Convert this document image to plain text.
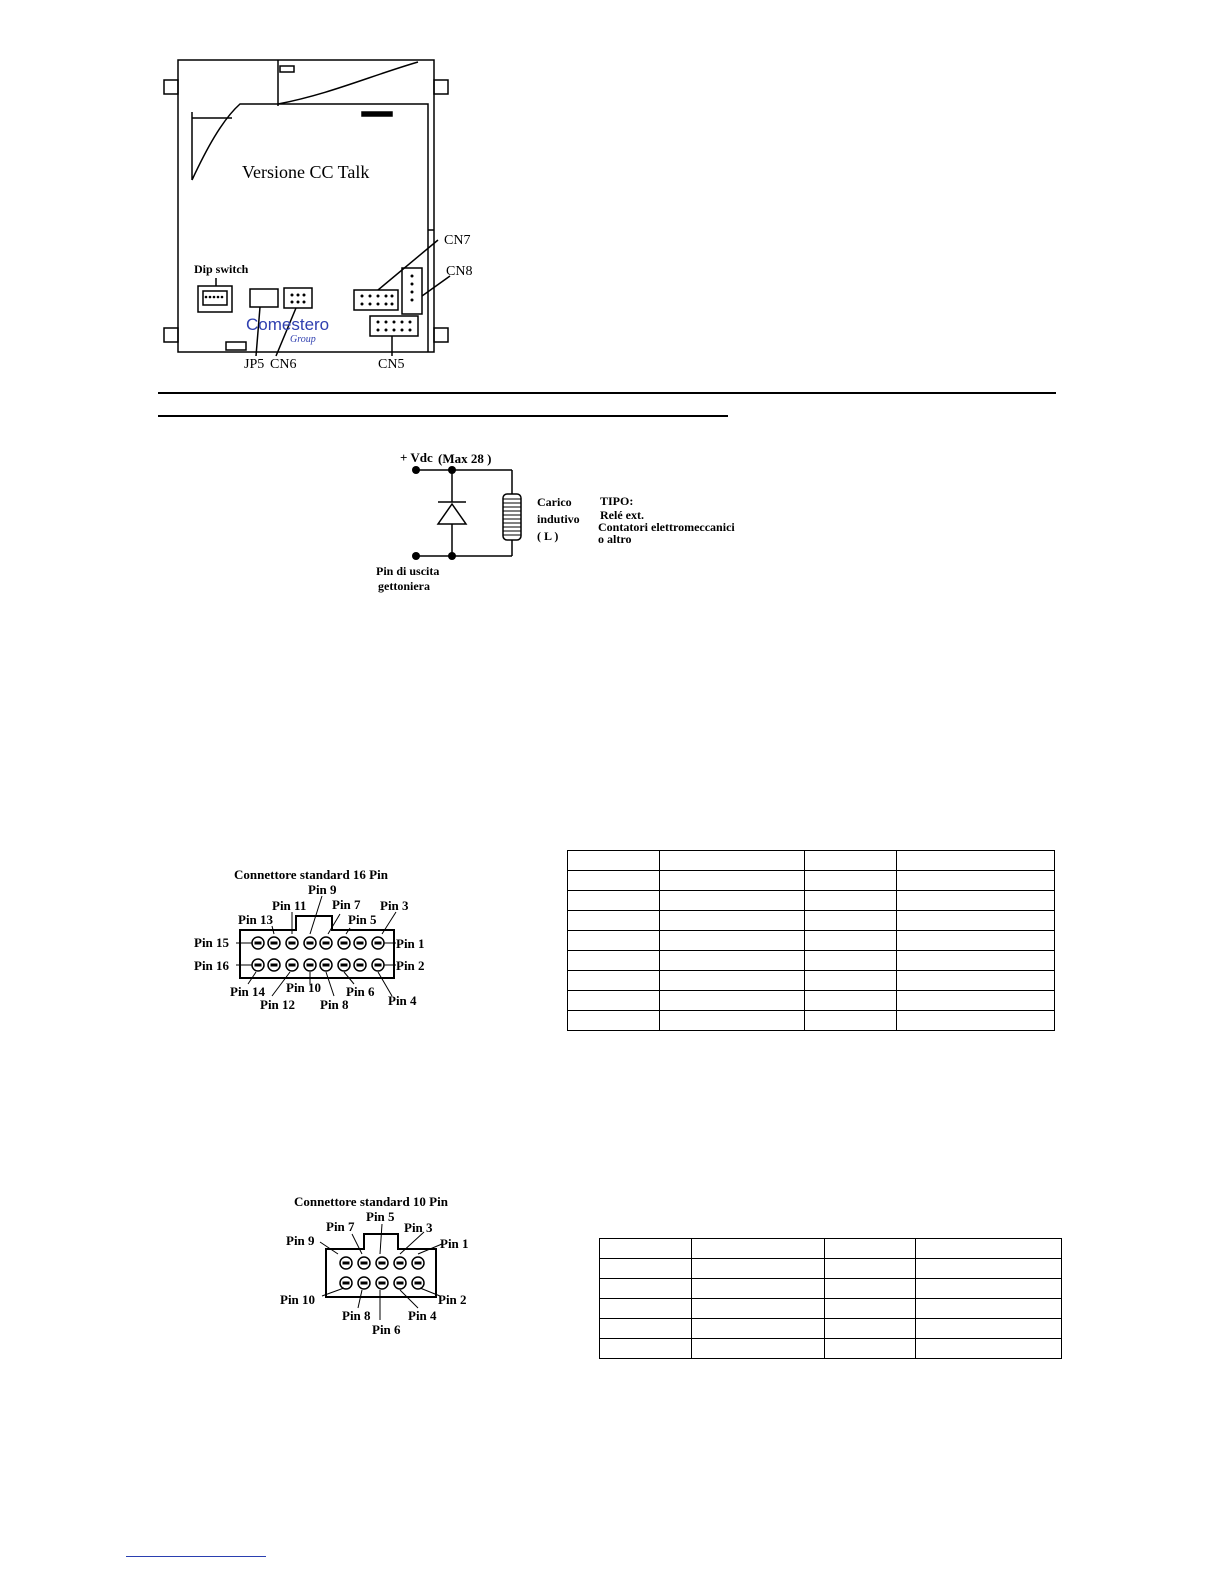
Versione CC Talk
Dip switch
CN7
CN8
CN5
CN6
JP5
Comestero
Group
+ Vdc (Max 28 )
Carico
indutivo
( L )
TIPO:
Relé ext.
Contatori elettromeccanici
o altro
Pin di uscita
gettoniera
Connettore standard 16 Pin
Pin 9
Pin 11 Pin 7 Pin 3
Pin 13	Pin 5
Pin 15	Pin 1
Pin 16	Pin 2
Pin 14 Pin 10 Pin 6
Pin 12 Pin 8	Pin 4
Connettore standard 10 Pin
Pin 5
Pin 7	Pin 3
Pin 9	Pin 1
Pin 10	Pin 2
Pin 8	Pin 4
Pin 6
